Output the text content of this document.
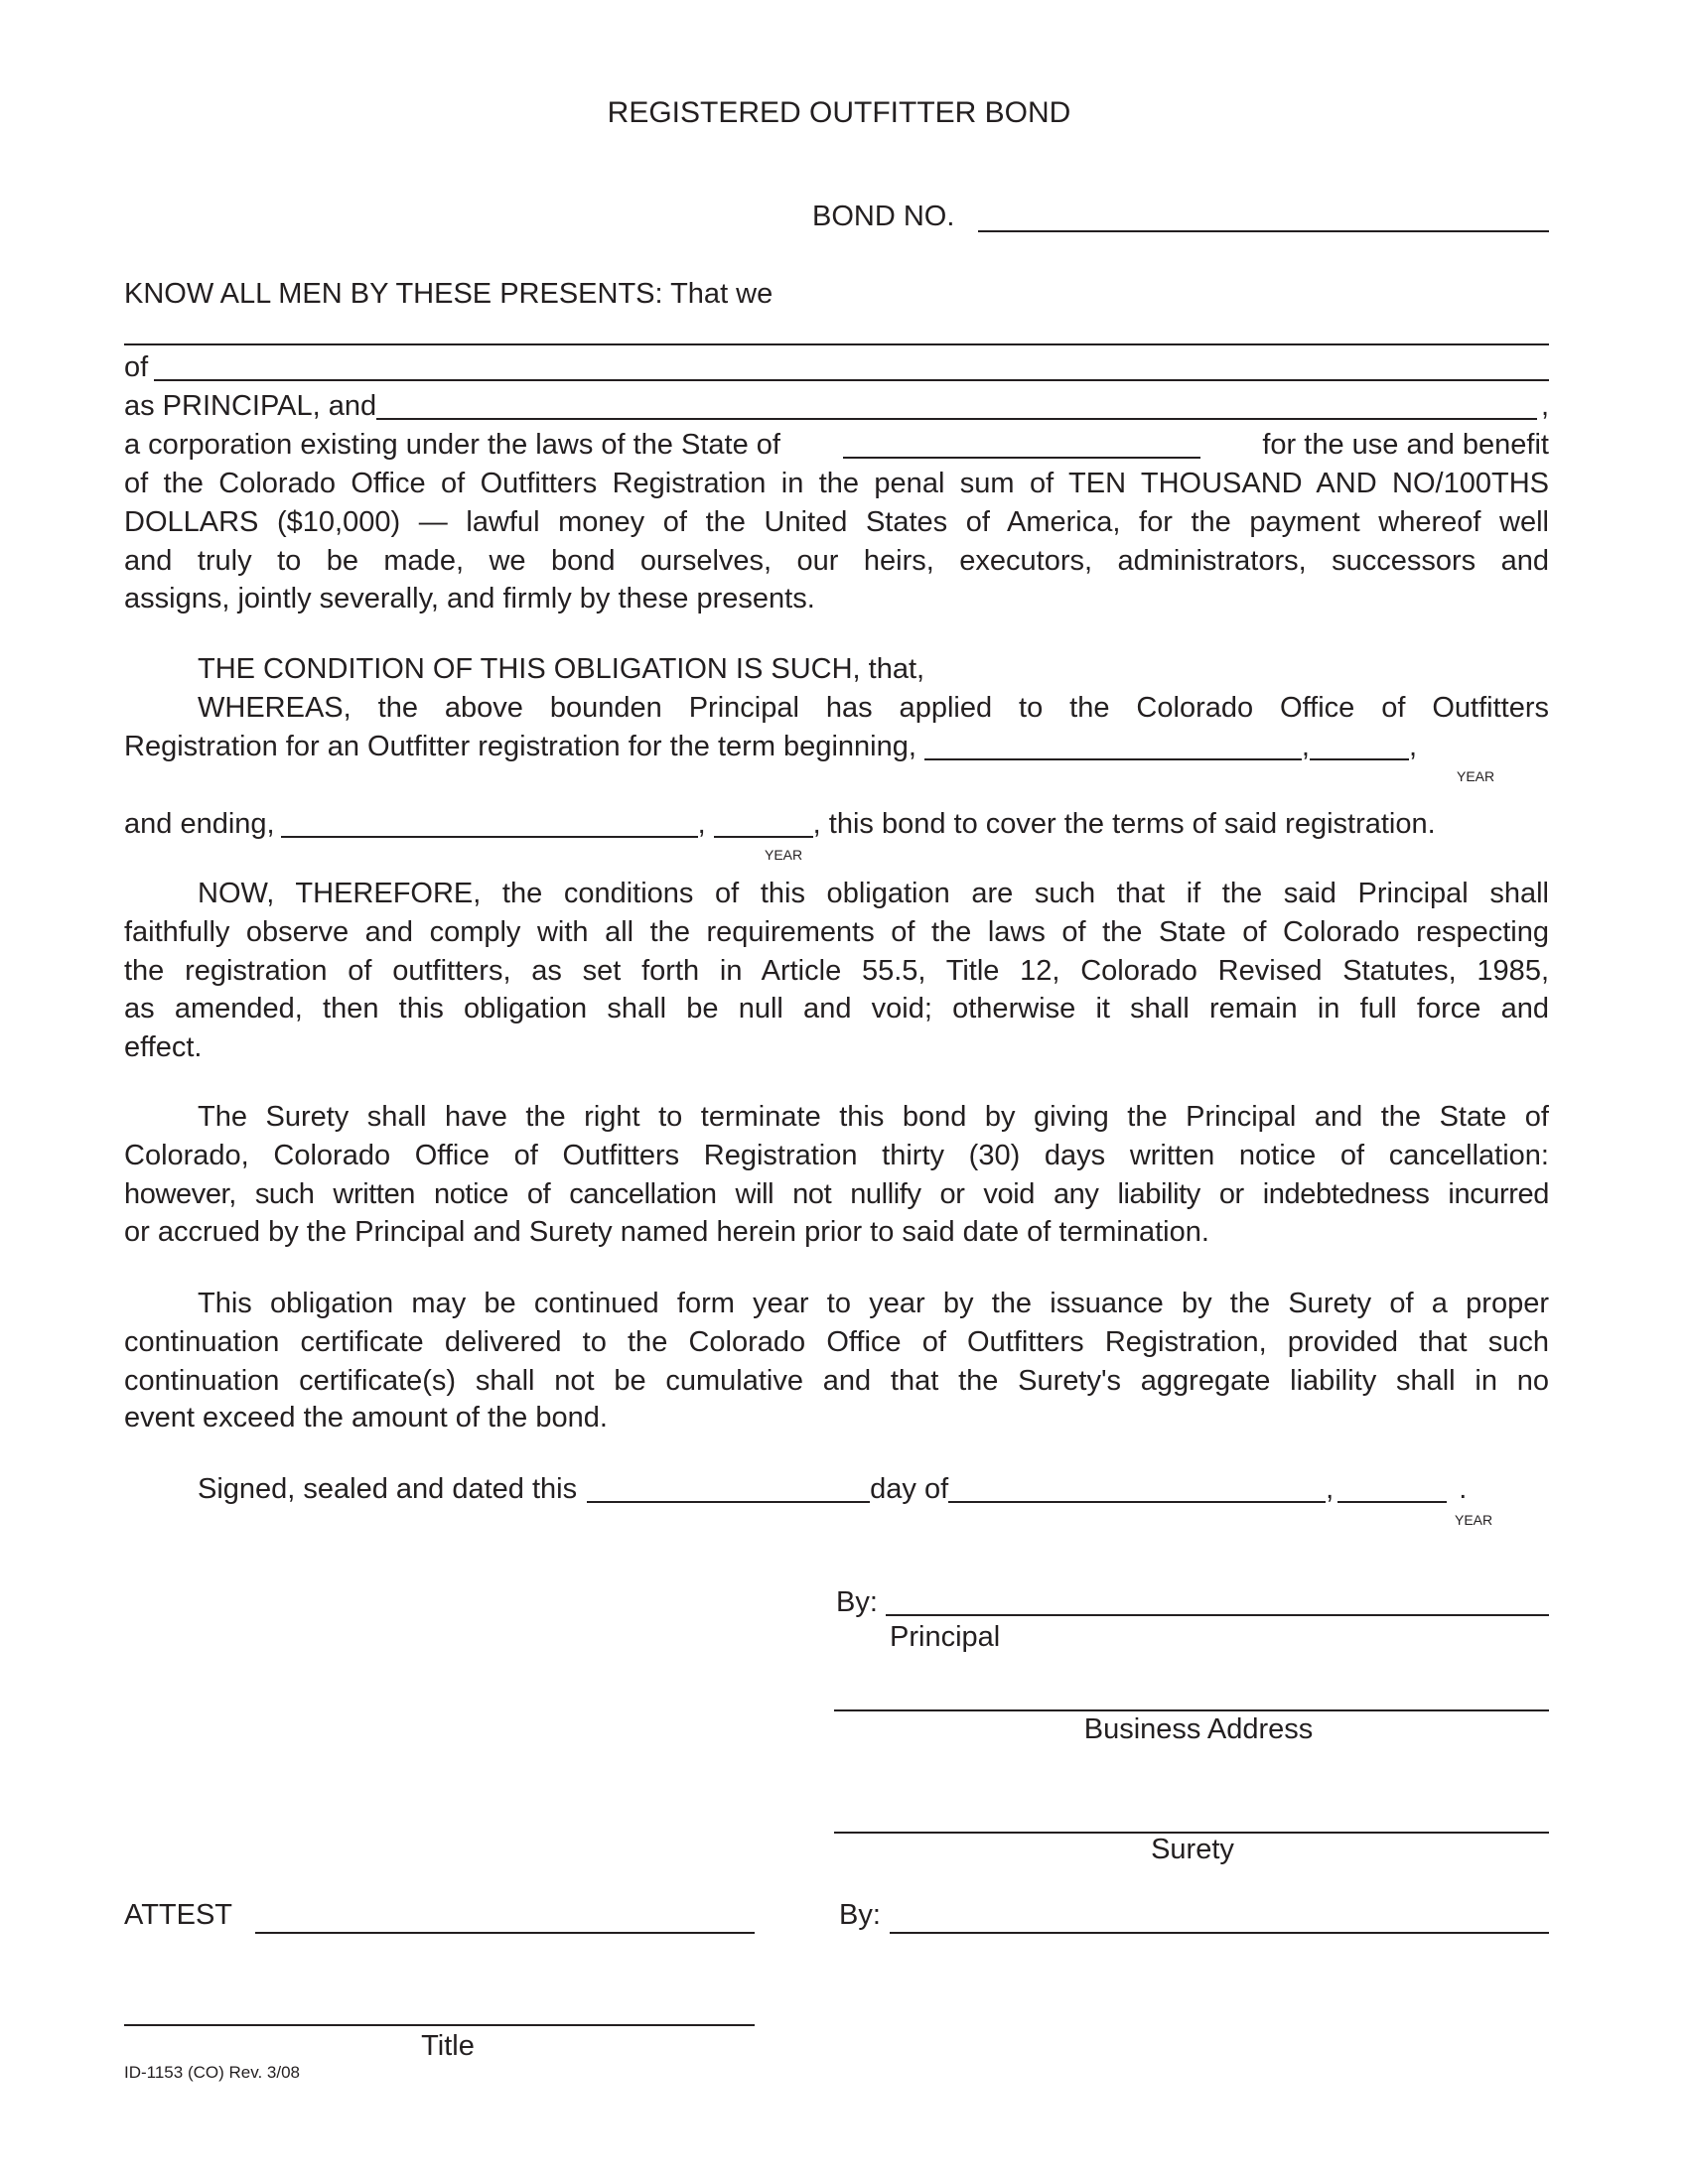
REGISTERED OUTFITTER BOND
BOND NO.
KNOW ALL MEN BY THESE PRESENTS: That we
of
as PRINCIPAL, and	,
a corporation existing under the laws of the State of	for the use and benefit
of the Colorado Office of Outfitters Registration in the penal sum of TEN THOUSAND AND NO/100THS
DOLLARS ($10,000) — lawful money of the United States of America, for the payment whereof well
and truly to be made, we bond ourselves, our heirs, executors, administrators, successors and
assigns, jointly severally, and firmly by these presents.
THE CONDITION OF THIS OBLIGATION IS SUCH, that,
WHEREAS, the above bounden Principal has applied to the Colorado Office of Outfitters
Registration for an Outfitter registration for the term beginning,	,	,
YEAR
and ending,	,	, this bond to cover the terms of said registration.
YEAR
NOW, THEREFORE, the conditions of this obligation are such that if the said Principal shall
faithfully observe and comply with all the requirements of the laws of the State of Colorado respecting
the registration of outfitters, as set forth in Article 55.5, Title 12, Colorado Revised Statutes, 1985,
as amended, then this obligation shall be null and void; otherwise it shall remain in full force and
effect.
The Surety shall have the right to terminate this bond by giving the Principal and the State of
Colorado, Colorado Office of Outfitters Registration thirty (30) days written notice of cancellation:
however, such written notice of cancellation will not nullify or void any liability or indebtedness incurred
or accrued by the Principal and Surety named herein prior to said date of termination.
This obligation may be continued form year to year by the issuance by the Surety of a proper
continuation certificate delivered to the Colorado Office of Outfitters Registration, provided that such
continuation certificate(s) shall not be cumulative and that the Surety's aggregate liability shall in no
event exceed the amount of the bond.
Signed, sealed and dated this	day of	,	.
YEAR
By:
Principal
Business Address
Surety
ATTEST	By:
Title
ID-1153 (CO) Rev. 3/08
